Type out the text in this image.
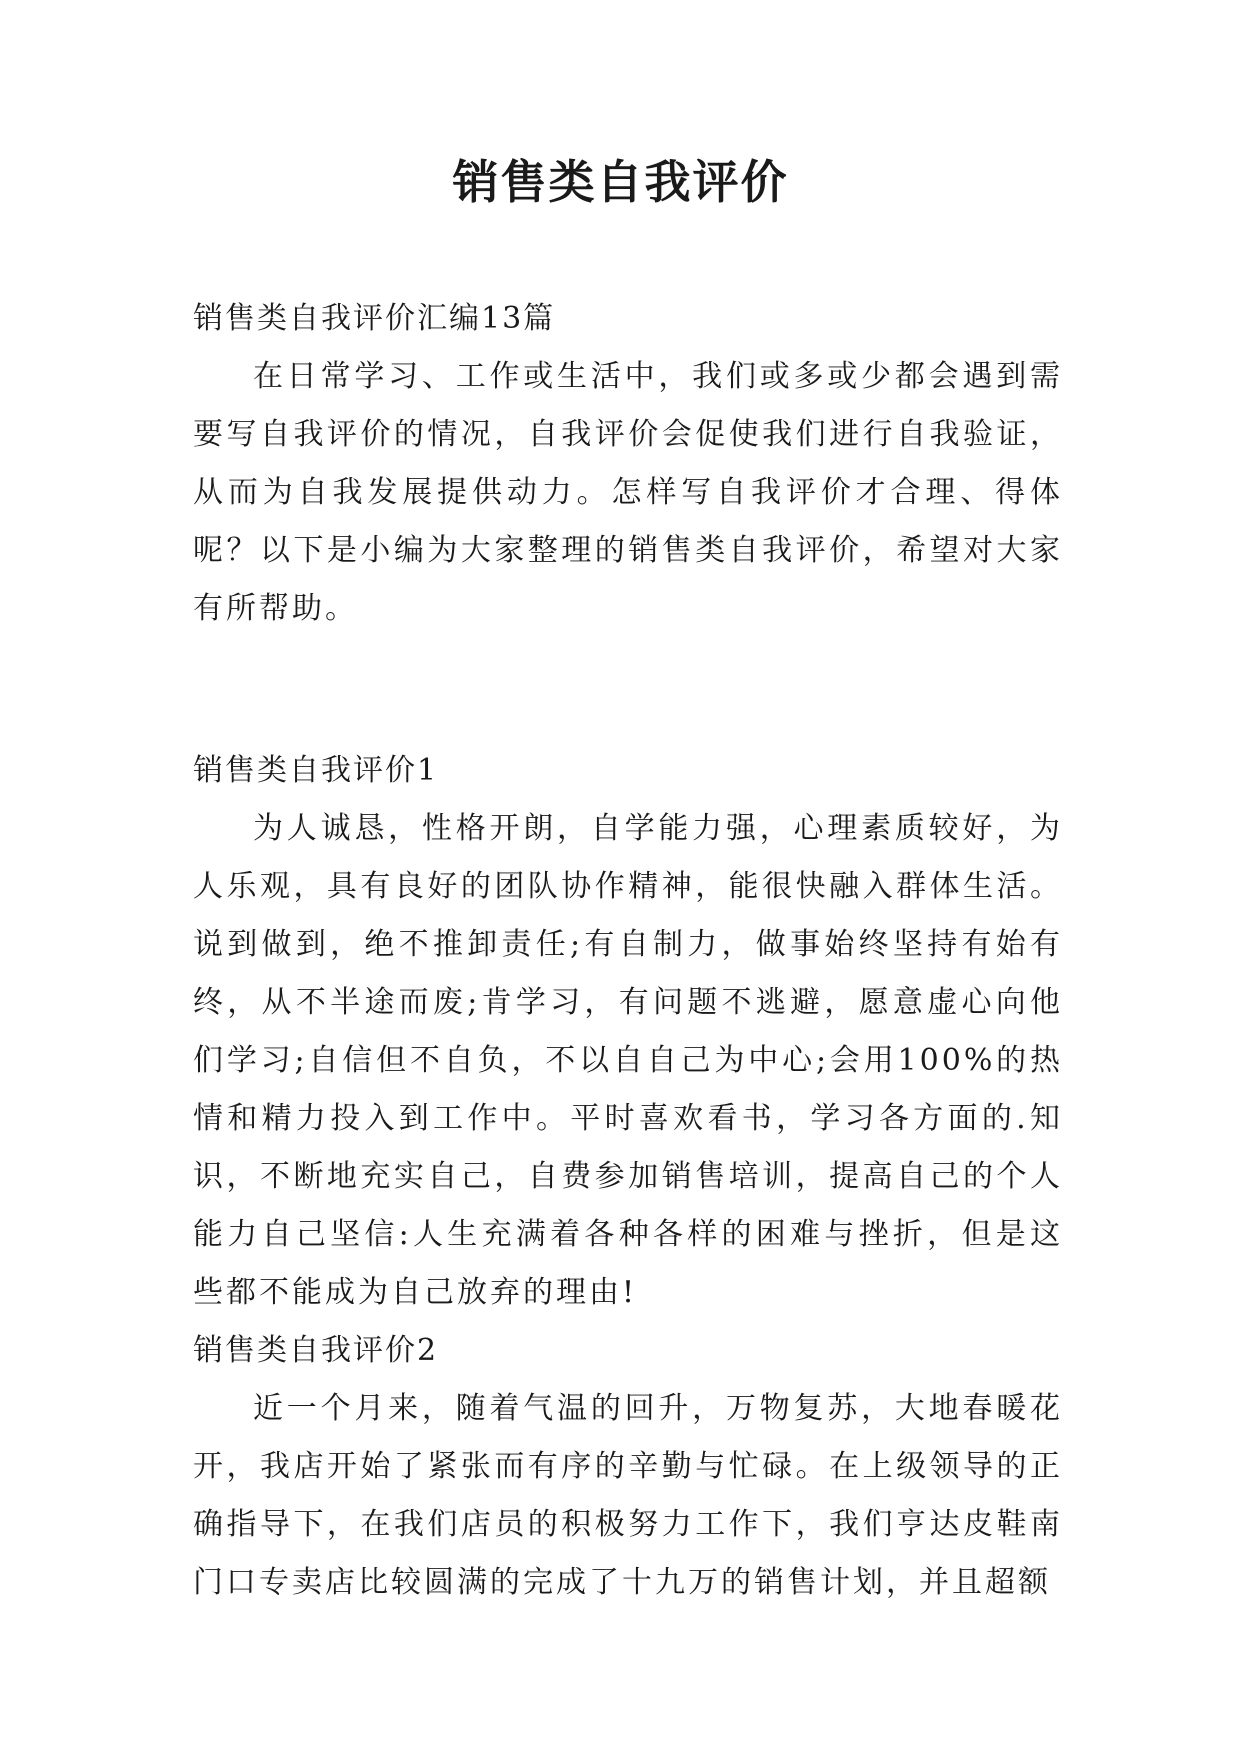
销售类自我评价

销售类自我评价汇编13篇

在日常学习、工作或生活中，我们或多或少都会遇到需要写自我评价的情况，自我评价会促使我们进行自我验证，从而为自我发展提供动力。怎样写自我评价才合理、得体呢？以下是小编为大家整理的销售类自我评价，希望对大家有所帮助。

销售类自我评价1

为人诚恳，性格开朗，自学能力强，心理素质较好，为人乐观，具有良好的团队协作精神，能很快融入群体生活。说到做到，绝不推卸责任;有自制力，做事始终坚持有始有终，从不半途而废;肯学习，有问题不逃避，愿意虚心向他们学习;自信但不自负，不以自自己为中心;会用100%的热情和精力投入到工作中。平时喜欢看书，学习各方面的.知识，不断地充实自己，自费参加销售培训，提高自己的个人能力自己坚信:人生充满着各种各样的困难与挫折，但是这些都不能成为自己放弃的理由!

销售类自我评价2

近一个月来，随着气温的回升，万物复苏，大地春暖花开，我店开始了紧张而有序的辛勤与忙碌。在上级领导的正确指导下，在我们店员的积极努力工作下，我们亨达皮鞋南门口专卖店比较圆满的完成了十九万的销售计划，并且超额
